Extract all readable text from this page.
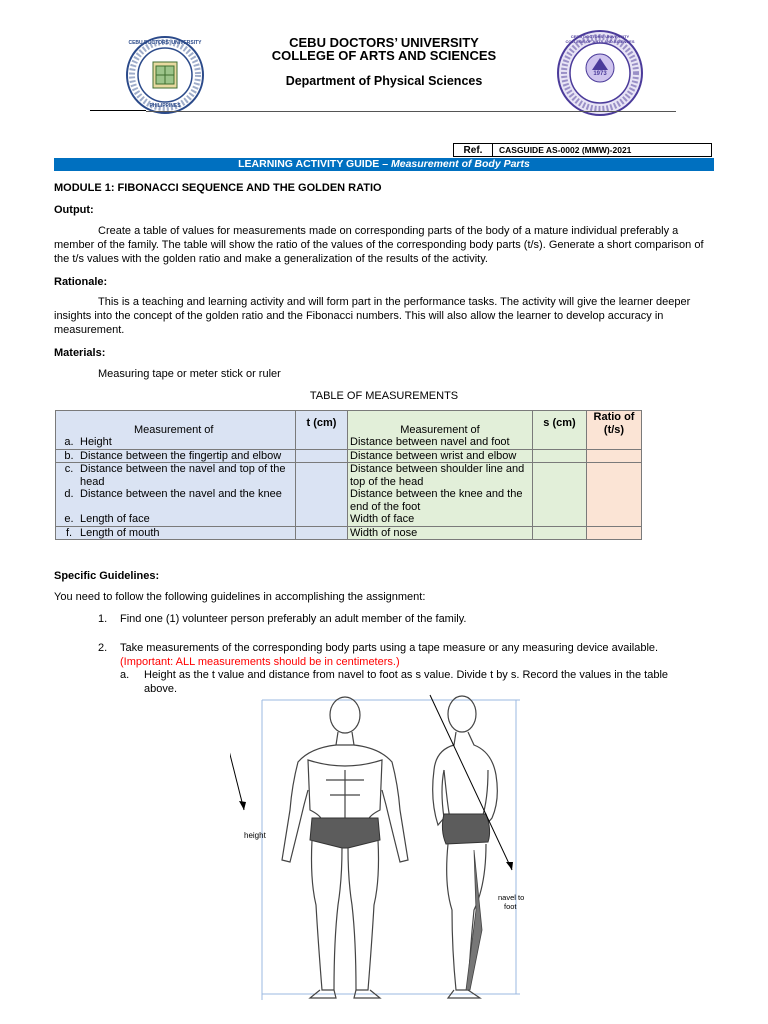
CEBU DOCTORS' UNIVERSITY
PHILIPPINES
1973
CEBU DOCTORS' UNIVERSITY COLLEGE OF ARTS AND SCIENCES
CEBU DOCTORS’ UNIVERSITY
COLLEGE OF ARTS AND SCIENCES
Department of Physical Sciences
Ref.	CASGUIDE AS-0002 (MMW)-2021
LEARNING ACTIVITY GUIDE – Measurement of Body Parts
MODULE 1: FIBONACCI SEQUENCE AND THE GOLDEN RATIO
Output:
Create a table of values for measurements made on corresponding parts of the body of a mature individual preferably a member of the family. The table will show the ratio of the values of the corresponding body parts (t/s). Generate a short comparison of the t/s values with the golden ratio and make a generalization of the results of the activity.
Rationale:
This is a teaching and learning activity and will form part in the performance tasks. The activity will give the learner deeper insights into the concept of the golden ratio and the Fibonacci numbers. This will also allow the learner to develop accuracy in measurement.
Materials:
Measuring tape or meter stick or ruler
TABLE OF MEASUREMENTS
Measurement of	t (cm)	Measurement of	s (cm)	Ratio of (t/s)

a. Height		Distance between navel and foot		

b. Distance between the fingertip and elbow		Distance between wrist and elbow		

c. Distance between the navel and top of the head		Distance between shoulder line and top of the head		

d. Distance between the navel and the knee		Distance between the knee and the end of the foot		

e. Length of face		Width of face		

f. Length of mouth		Width of nose		
Specific Guidelines:
You need to follow the following guidelines in accomplishing the assignment:
1.	Find one (1) volunteer person preferably an adult member of the family.
2.	Take measurements of the corresponding body parts using a tape measure or any measuring device available.
(Important: ALL measurements should be in centimeters.)
a.	Height as the t value and distance from navel to foot as s value. Divide t by s. Record the values in the table above.
height
navel to
foot
